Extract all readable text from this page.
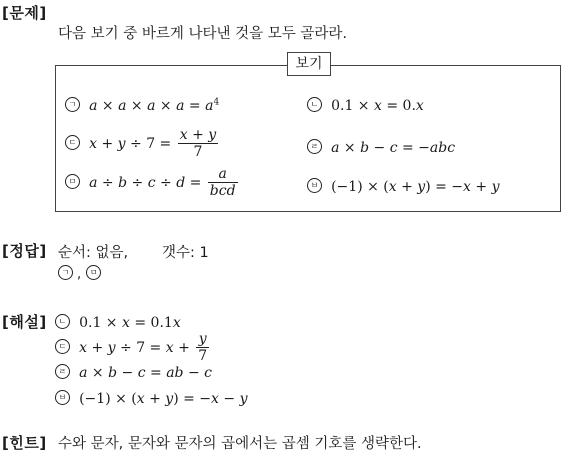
[문제]
다음 보기 중 바르게 나타낸 것을 모두 골라라.
보기
ㄱ $a \times a \times a \times a = a^4$	ㄴ 0.1 × x = 0.x
ㄷ $x + y \div 7 = \frac{x + y}{7}$	ㄹ a × b − c = −abc
ㅁ $a \div b \div c \div d = \frac{a}{\text{bcd}}$	ㅂ (−1) × (x + y) = −x + y
[정답] 순서: 없음, 갯수: 1
ㄱ , ㅁ
[해설]	ㄴ 0.1 × x = 0.1x
ㄷ $x + y \div 7 = x + \frac{y}{7}$
ㄹ a × b − c = ab − c
ㅂ (−1) × (x + y) = −x − y
[힌트] 수와 문자, 문자와 문자의 곱에서는 곱셈 기호를 생략한다.
